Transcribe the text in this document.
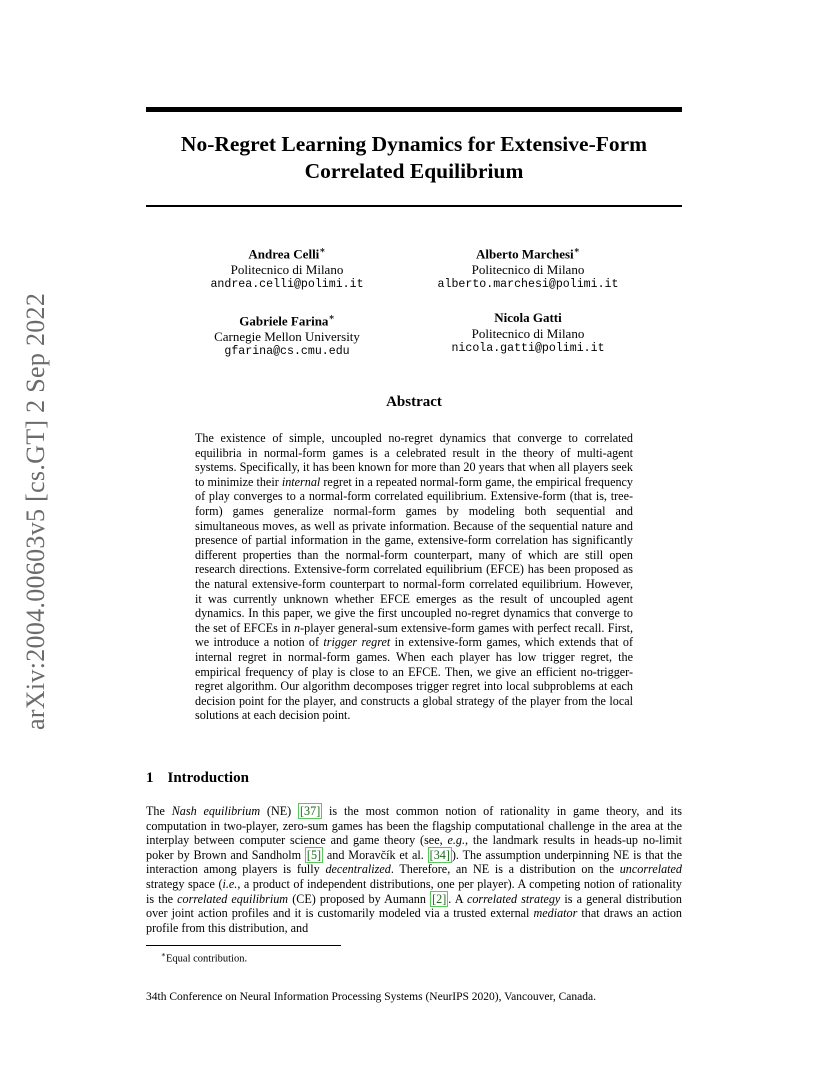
arXiv:2004.00603v5 [cs.GT] 2 Sep 2022
No-Regret Learning Dynamics for Extensive-Form
Correlated Equilibrium
Andrea Celli∗
Politecnico di Milano
andrea.celli@polimi.it
Alberto Marchesi∗
Politecnico di Milano
alberto.marchesi@polimi.it
Gabriele Farina∗
Carnegie Mellon University
gfarina@cs.cmu.edu
Nicola Gatti
Politecnico di Milano
nicola.gatti@polimi.it
Abstract
The existence of simple, uncoupled no-regret dynamics that converge to correlated equilibria in normal-form games is a celebrated result in the theory of multi-agent systems. Specifically, it has been known for more than 20 years that when all players seek to minimize their internal regret in a repeated normal-form game, the empirical frequency of play converges to a normal-form correlated equilibrium. Extensive-form (that is, tree-form) games generalize normal-form games by modeling both sequential and simultaneous moves, as well as private information. Because of the sequential nature and presence of partial information in the game, extensive-form correlation has significantly different properties than the normal-form counterpart, many of which are still open research directions. Extensive-form correlated equilibrium (EFCE) has been proposed as the natural extensive-form counterpart to normal-form correlated equilibrium. However, it was currently unknown whether EFCE emerges as the result of uncoupled agent dynamics. In this paper, we give the first uncoupled no-regret dynamics that converge to the set of EFCEs in n-player general-sum extensive-form games with perfect recall. First, we introduce a notion of trigger regret in extensive-form games, which extends that of internal regret in normal-form games. When each player has low trigger regret, the empirical frequency of play is close to an EFCE. Then, we give an efficient no-trigger-regret algorithm. Our algorithm decomposes trigger regret into local subproblems at each decision point for the player, and constructs a global strategy of the player from the local solutions at each decision point.
1 Introduction
The Nash equilibrium (NE) [37] is the most common notion of rationality in game theory, and its computation in two-player, zero-sum games has been the flagship computational challenge in the area at the interplay between computer science and game theory (see, e.g., the landmark results in heads-up no-limit poker by Brown and Sandholm [5] and Moravčík et al. [34] ). The assumption underpinning NE is that the interaction among players is fully decentralized. Therefore, an NE is a distribution on the uncorrelated strategy space (i.e., a product of independent distributions, one per player). A competing notion of rationality is the correlated equilibrium (CE) proposed by Aumann [2] . A correlated strategy is a general distribution over joint action profiles and it is customarily modeled via a trusted external mediator that draws an action profile from this distribution, and
∗Equal contribution.
34th Conference on Neural Information Processing Systems (NeurIPS 2020), Vancouver, Canada.
